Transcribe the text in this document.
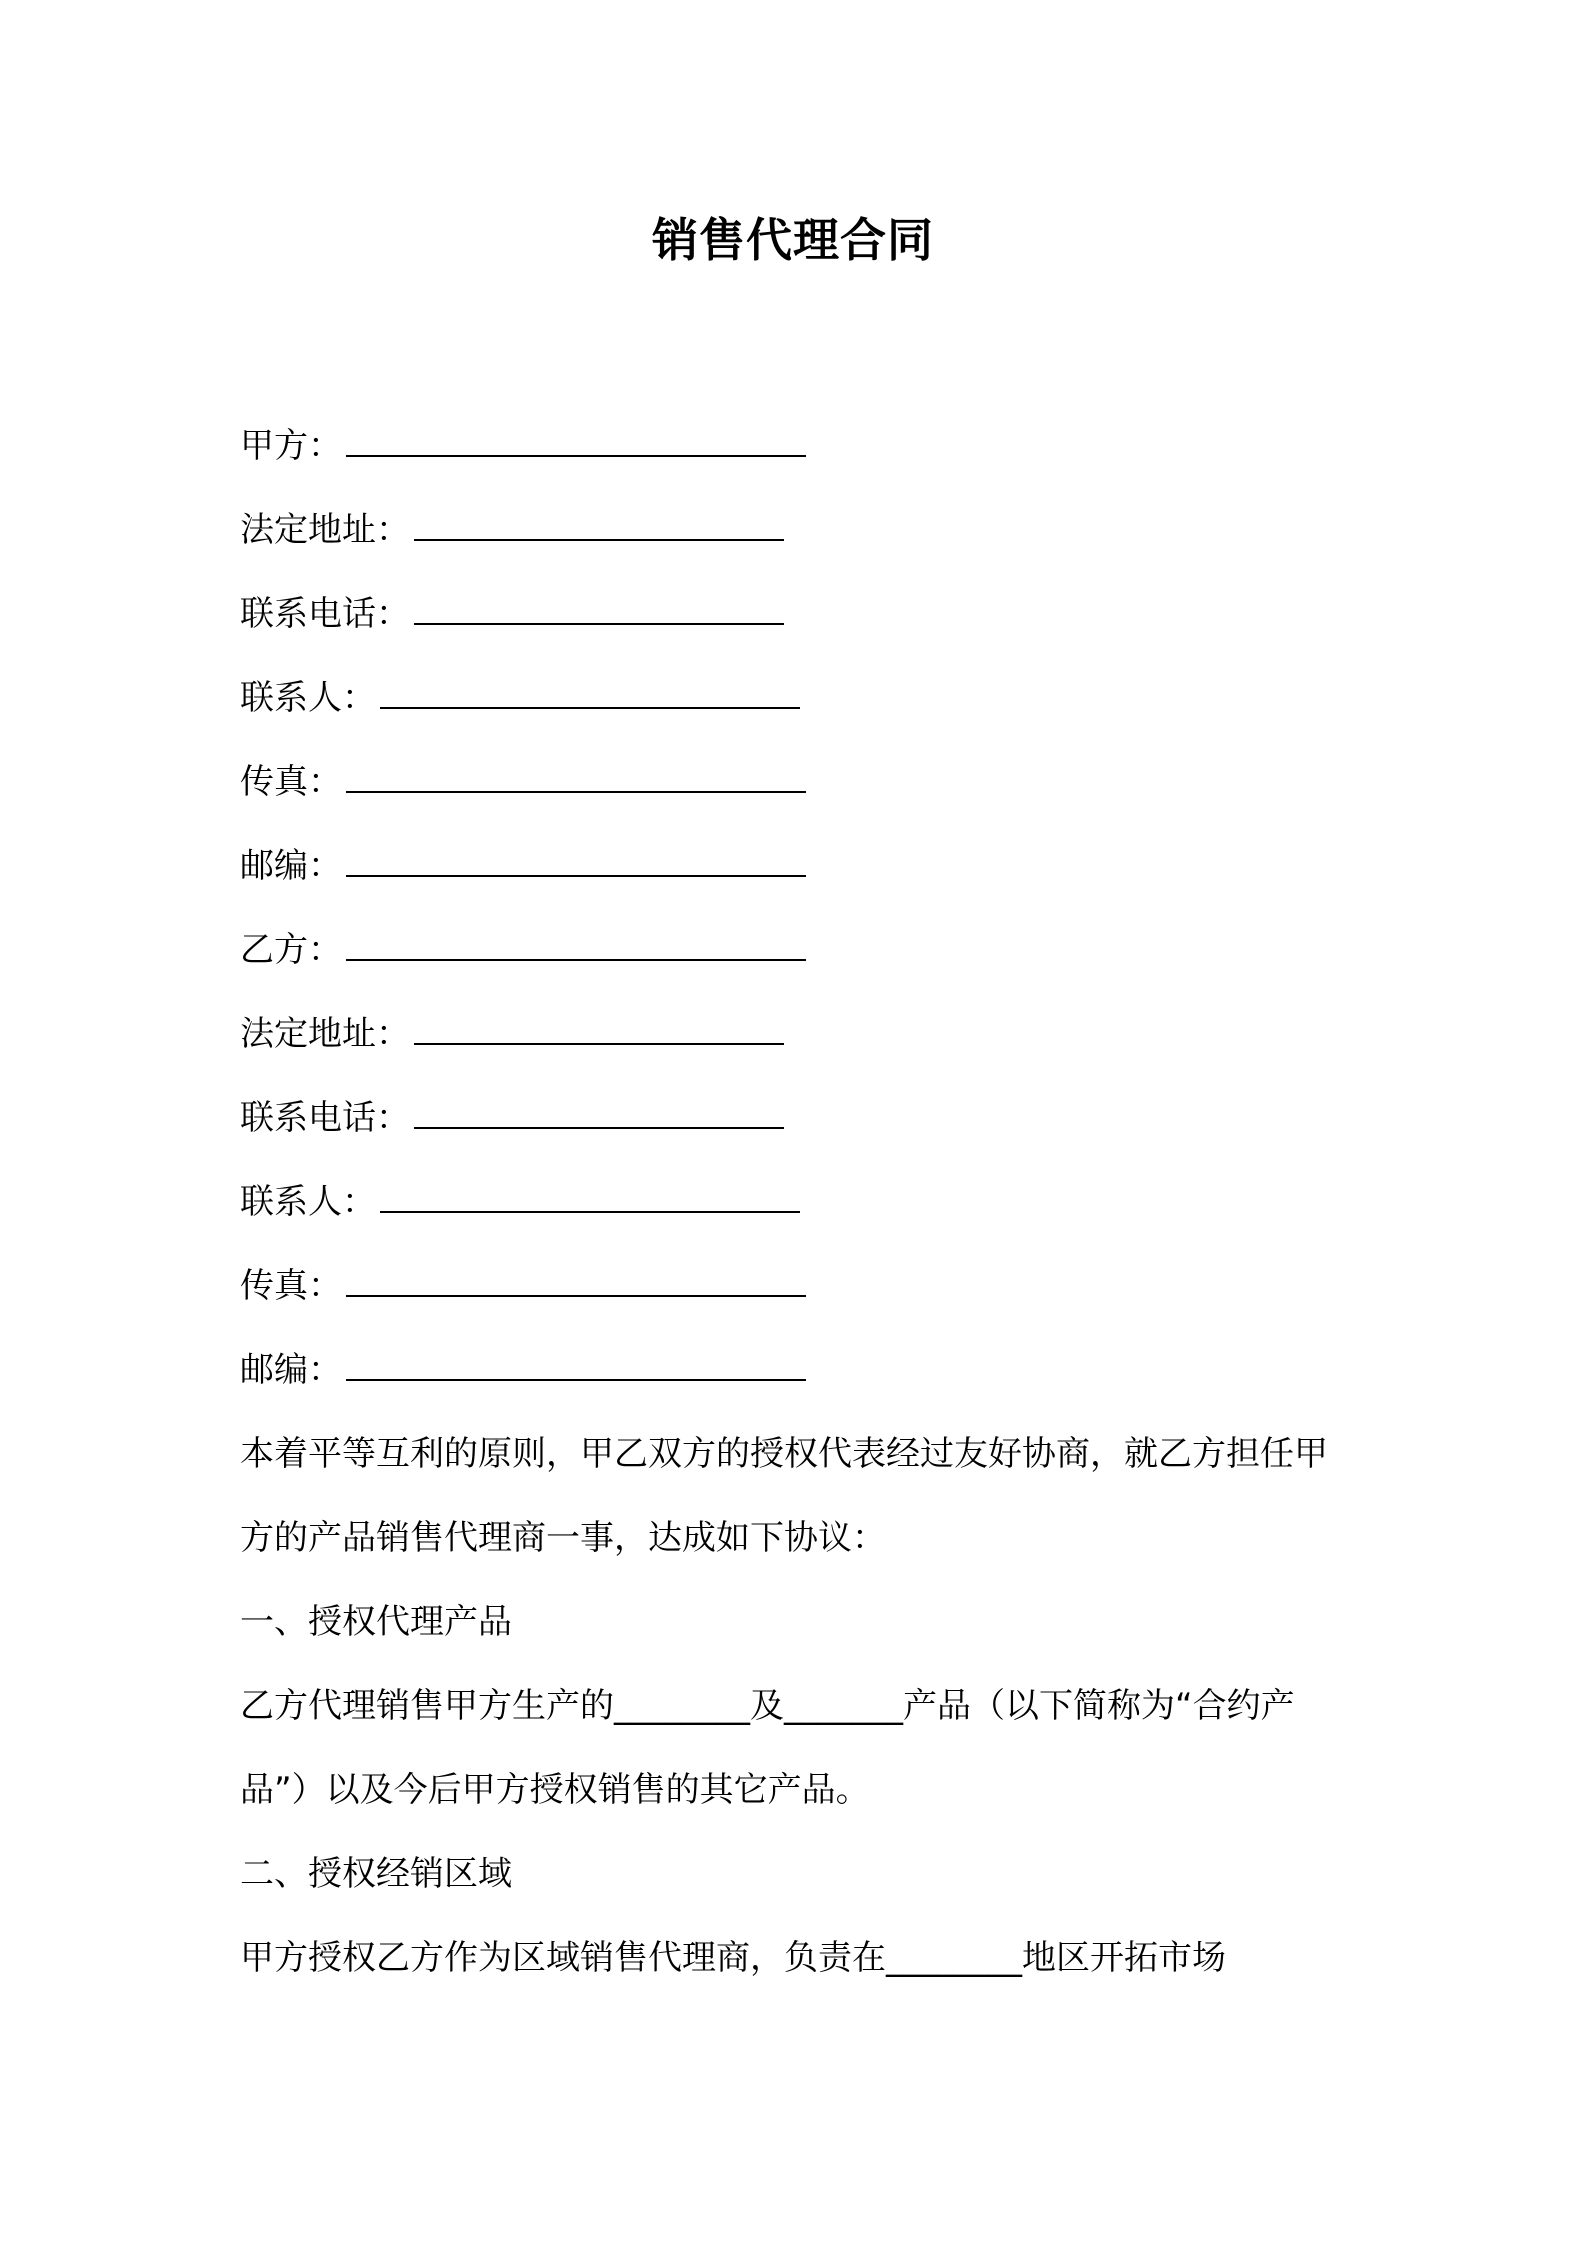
销售代理合同
甲方：
法定地址：
联系电话：
联系人：
传真：
邮编：
乙方：
法定地址：
联系电话：
联系人：
传真：
邮编：
本着平等互利的原则，甲乙双方的授权代表经过友好协商，就乙方担任甲方的产品销售代理商一事，达成如下协议：
一、授权代理产品
乙方代理销售甲方生产的________及_______产品（以下简称为“合约产品”）以及今后甲方授权销售的其它产品。
二、授权经销区域
甲方授权乙方作为区域销售代理商，负责在________地区开拓市场
